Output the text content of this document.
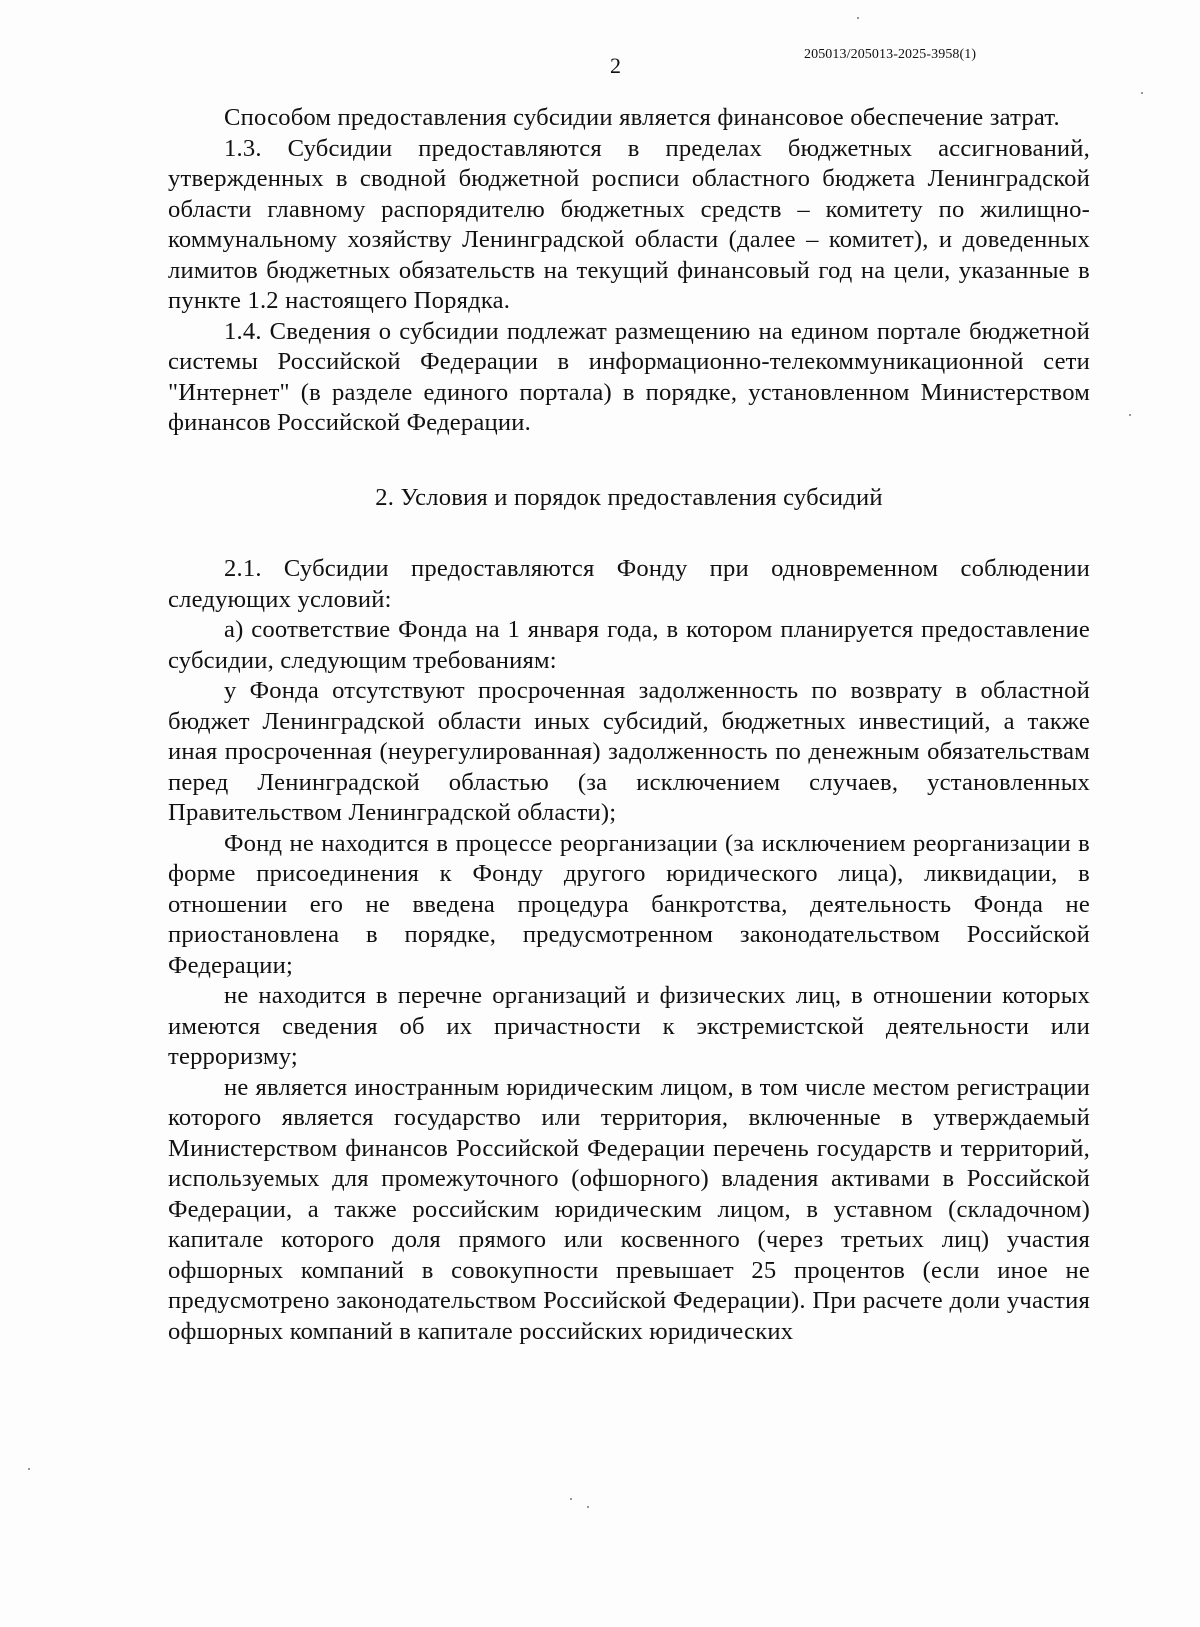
2	205013/205013-2025-3958(1)

Способом предоставления субсидии является финансовое обеспечение затрат.

1.3. Субсидии предоставляются в пределах бюджетных ассигнований, утвержденных в сводной бюджетной росписи областного бюджета Ленинградской области главному распорядителю бюджетных средств – комитету по жилищно-коммунальному хозяйству Ленинградской области (далее – комитет), и доведенных лимитов бюджетных обязательств на текущий финансовый год на цели, указанные в пункте 1.2 настоящего Порядка.

1.4. Сведения о субсидии подлежат размещению на едином портале бюджетной системы Российской Федерации в информационно-телекоммуникационной сети "Интернет" (в разделе единого портала) в порядке, установленном Министерством финансов Российской Федерации.

2. Условия и порядок предоставления субсидий

2.1. Субсидии предоставляются Фонду при одновременном соблюдении следующих условий:

а) соответствие Фонда на 1 января года, в котором планируется предоставление субсидии, следующим требованиям:

у Фонда отсутствуют просроченная задолженность по возврату в областной бюджет Ленинградской области иных субсидий, бюджетных инвестиций, а также иная просроченная (неурегулированная) задолженность по денежным обязательствам перед Ленинградской областью (за исключением случаев, установленных Правительством Ленинградской области);

Фонд не находится в процессе реорганизации (за исключением реорганизации в форме присоединения к Фонду другого юридического лица), ликвидации, в отношении его не введена процедура банкротства, деятельность Фонда не приостановлена в порядке, предусмотренном законодательством Российской Федерации;

не находится в перечне организаций и физических лиц, в отношении которых имеются сведения об их причастности к экстремистской деятельности или терроризму;

не является иностранным юридическим лицом, в том числе местом регистрации которого является государство или территория, включенные в утверждаемый Министерством финансов Российской Федерации перечень государств и территорий, используемых для промежуточного (офшорного) владения активами в Российской Федерации, а также российским юридическим лицом, в уставном (складочном) капитале которого доля прямого или косвенного (через третьих лиц) участия офшорных компаний в совокупности превышает 25 процентов (если иное не предусмотрено законодательством Российской Федерации). При расчете доли участия офшорных компаний в капитале российских юридических
